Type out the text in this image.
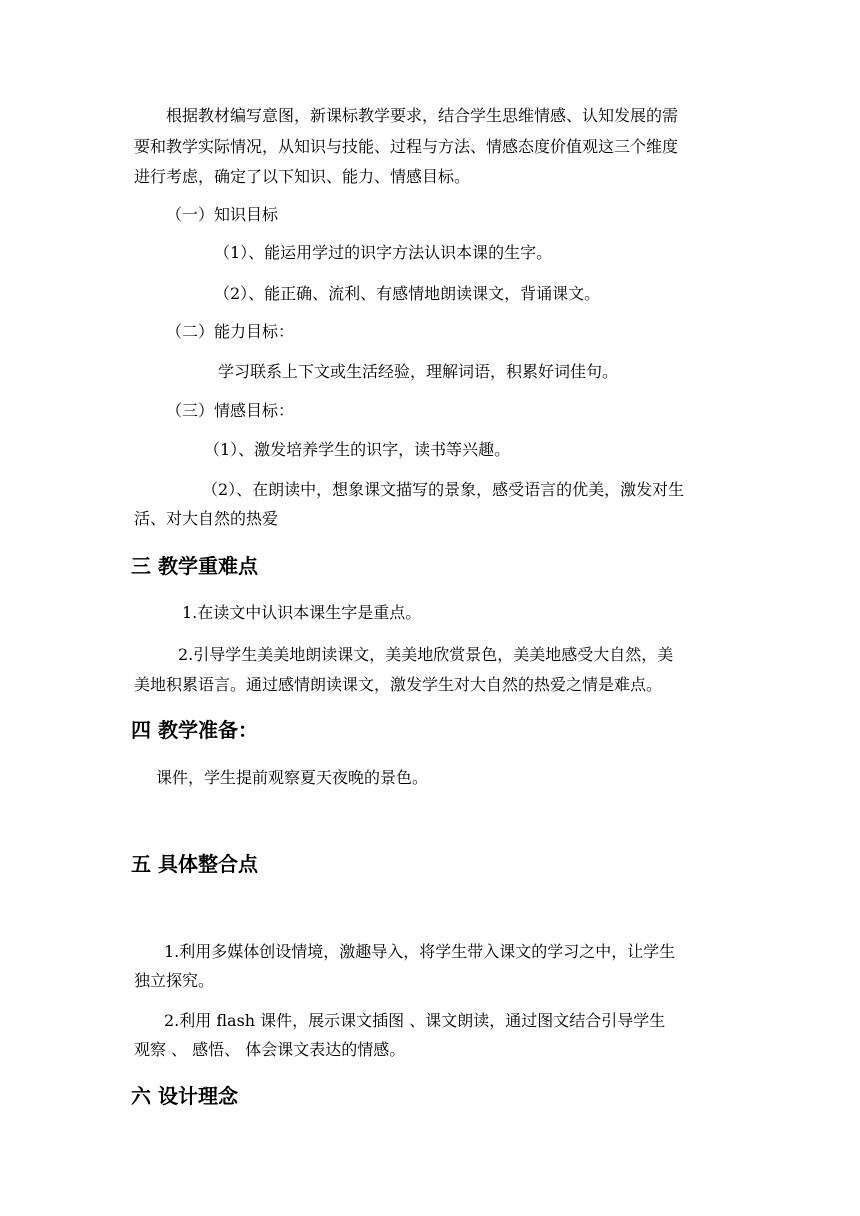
根据教材编写意图，新课标教学要求，结合学生思维情感、认知发展的需
要和教学实际情况，从知识与技能、过程与方法、情感态度价值观这三个维度
进行考虑，确定了以下知识、能力、情感目标。
（一）知识目标
（1）、能运用学过的识字方法认识本课的生字。
（2）、能正确、流利、有感情地朗读课文，背诵课文。
（二）能力目标：
学习联系上下文或生活经验，理解词语，积累好词佳句。
（三）情感目标：
（1）、激发培养学生的识字，读书等兴趣。
（2）、在朗读中，想象课文描写的景象，感受语言的优美，激发对生
活、对大自然的热爱
三 教学重难点
1.在读文中认识本课生字是重点。
2.引导学生美美地朗读课文，美美地欣赏景色，美美地感受大自然，美
美地积累语言。通过感情朗读课文，激发学生对大自然的热爱之情是难点。
四 教学准备：
课件，学生提前观察夏天夜晚的景色。
五 具体整合点
1.利用多媒体创设情境，激趣导入，将学生带入课文的学习之中，让学生
独立探究。
2.利用 flash 课件，展示课文插图 、课文朗读，通过图文结合引导学生
观察 、 感悟、 体会课文表达的情感。
六 设计理念
